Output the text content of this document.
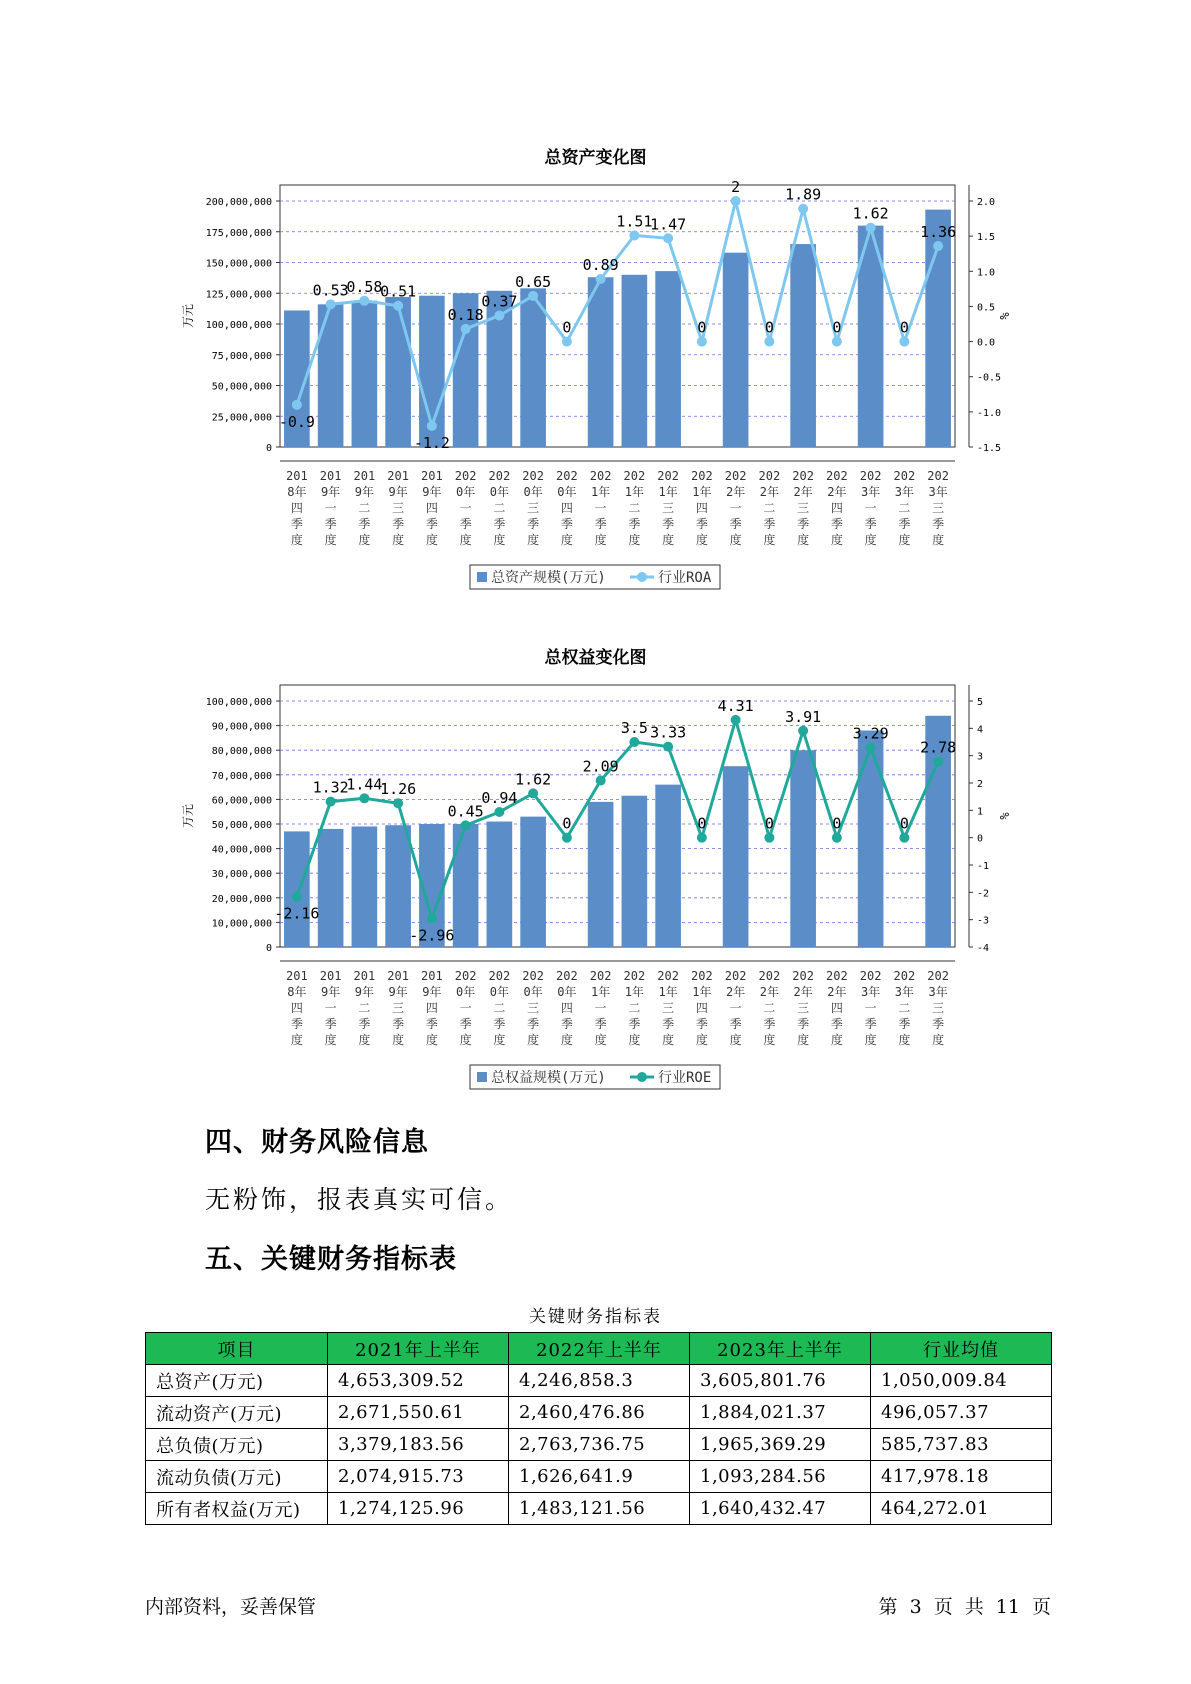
总资产变化图
0
25,000,000
50,000,000
75,000,000
100,000,000
125,000,000
150,000,000
175,000,000
200,000,000
-1.5
-1.0
-0.5
0.0
0.5
1.0
1.5
2.0
万元	%
-0.9
0.53
0.58
0.51
-1.2
0.18
0.37
0.65
0
0.89
1.51
1.47
0
2
0
1.89
0
1.62
0
1.36
201
8年
四
季
度
201
9年
一
季
度
201
9年
二
季
度
201
9年
三
季
度
201
9年
四
季
度
202
0年
一
季
度
202
0年
二
季
度
202
0年
三
季
度
202
0年
四
季
度
202
1年
一
季
度
202
1年
二
季
度
202
1年
三
季
度
202
1年
四
季
度
202
2年
一
季
度
202
2年
二
季
度
202
2年
三
季
度
202
2年
四
季
度
202
3年
一
季
度
202
3年
二
季
度
202
3年
三
季
度
总资产规模(万元)	行业ROA
总权益变化图
0
10,000,000
20,000,000
30,000,000
40,000,000
50,000,000
60,000,000
70,000,000
80,000,000
90,000,000
100,000,000
-4
-3
-2
-1
0
1
2
3
4
5
万元	%
-2.16
1.32
1.44
1.26
-2.96
0.45
0.94
1.62
0
2.09
3.5 3.33
0
4.31
0
3.91
0
3.29
0
2.78
201
8年
四
季
度
201
9年
一
季
度
201
9年
二
季
度
201
9年
三
季
度
201
9年
四
季
度
202
0年
一
季
度
202
0年
二
季
度
202
0年
三
季
度
202
0年
四
季
度
202
1年
一
季
度
202
1年
二
季
度
202
1年
三
季
度
202
1年
四
季
度
202
2年
一
季
度
202
2年
二
季
度
202
2年
三
季
度
202
2年
四
季
度
202
3年
一
季
度
202
3年
二
季
度
202
3年
三
季
度
总权益规模(万元)	行业ROE
四、财务风险信息
无粉饰，报表真实可信。
五、关键财务指标表
关键财务指标表
项目	2021年上半年	2022年上半年	2023年上半年	行业均值
总资产(万元)	4,653,309.52	4,246,858.3	3,605,801.76	1,050,009.84
流动资产(万元)	2,671,550.61	2,460,476.86	1,884,021.37	496,057.37
总负债(万元)	3,379,183.56	2,763,736.75	1,965,369.29	585,737.83
流动负债(万元)	2,074,915.73	1,626,641.9	1,093,284.56	417,978.18
所有者权益(万元)	1,274,125.96	1,483,121.56	1,640,432.47	464,272.01
内部资料，妥善保管	第 3 页 共 11 页
